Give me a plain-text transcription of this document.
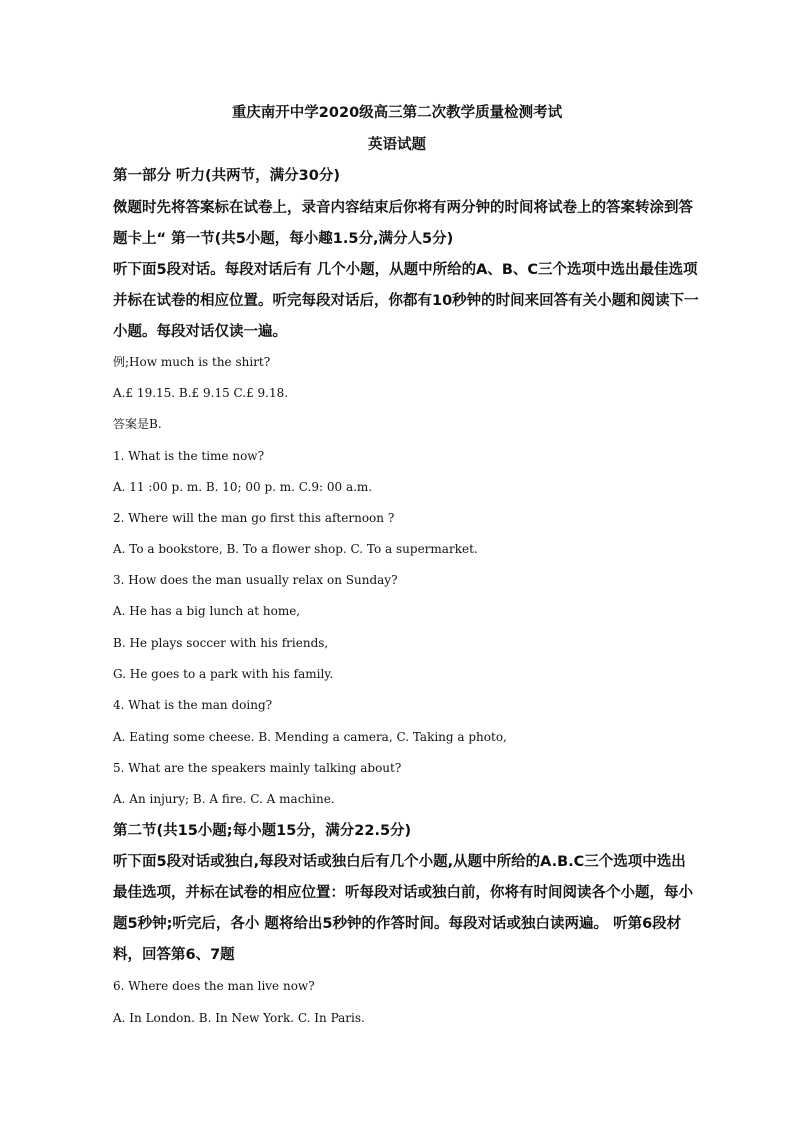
重庆南开中学2020级高三第二次教学质量检测考试
英语试题
第一部分 听力(共两节，满分30分)
傚题时先将答案标在试卷上，录音内容结束后你将有两分钟的时间将试卷上的答案转涂到答
题卡上“ 第一节(共5小题，每小趣1.5分,满分人5分)
听下面5段对话。每段对话后有 几个小题，从题中所给的A、B、C三个选项中选出最佳选项
并标在试卷的相应位置。听完每段对话后，你都有10秒钟的时间来回答有关小题和阅读下一
小题。每段对话仅读一遍。
例;How much is the shirt?
A.£ 19.15. B.£ 9.15 C.£ 9.18.
答案是B.
1. What is the time now?
A. 11 :00 p. m. B. 10; 00 p. m. C.9: 00 a.m.
2. Where will the man go first this afternoon ?
A. To a bookstore, B. To a flower shop. C. To a supermarket.
3. How does the man usually relax on Sunday?
A. He has a big lunch at home,
B. He plays soccer with his friends,
G. He goes to a park with his family.
4. What is the man doing?
A. Eating some cheese. B. Mending a camera, C. Taking a photo,
5. What are the speakers mainly talking about?
A. An injury; B. A fire. C. A machine.
第二节(共15小题;每小题15分，满分22.5分)
听下面5段对话或独白,每段对话或独白后有几个小题,从题中所给的A.B.C三个选项中选出
最佳选项，并标在试卷的相应位置：听每段对话或独白前，你将有时间阅读各个小题，每小
题5秒钟;听完后，各小 题将给出5秒钟的作答时间。每段对话或独白读两遍。 听第6段材
料，回答第6、7题
6. Where does the man live now?
A. In London. B. In New York. C. In Paris.
